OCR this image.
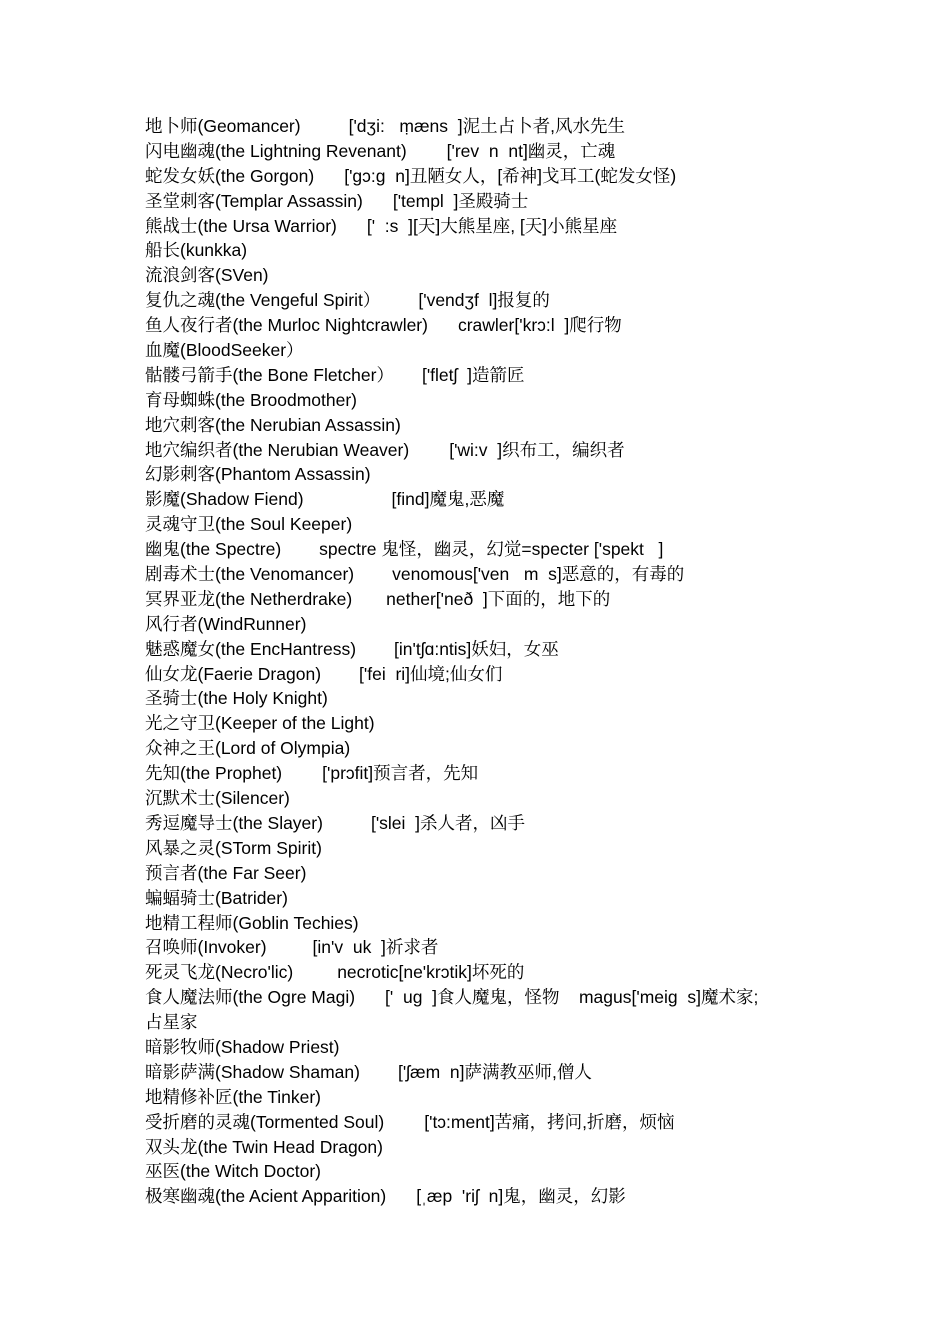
地卜师(Geomancer)	['dʒi:   ṃæns  ]泥土占卜者,风水先生
闪电幽魂(the Lightning Revenant) ['rev  n  nt]幽灵，亡魂
蛇发女妖(the Gorgon) ['gɔ:g  n]丑陋女人，[希神]戈耳工(蛇发女怪)
圣堂刺客(Templar Assassin) ['templ  ]圣殿骑士
熊战士(the Ursa Warrior) ['  :s  ][天]大熊星座, [天]小熊星座
船长(kunkka)
流浪剑客(SVen)
复仇之魂(the Vengeful Spirit） ['vendʒf  l]报复的
鱼人夜行者(the Murloc Nightcrawler) crawler['krɔ:l  ]爬行物
血魔(BloodSeeker）
骷髅弓箭手(the Bone Fletcher） ['fletʃ  ]造箭匠
育母蜘蛛(the Broodmother)
地穴刺客(the Nerubian Assassin)
地穴编织者(the Nerubian Weaver) ['wi:v  ]织布工，编织者
幻影刺客(Phantom Assassin)
影魔(Shadow Fiend)	[find]魔鬼,恶魔
灵魂守卫(the Soul Keeper)
幽鬼(the Spectre) spectre 鬼怪，幽灵，幻觉=specter ['spekt   ]
剧毒术士(the Venomancer) venomous['ven   m  s]恶意的，有毒的
冥界亚龙(the Netherdrake) nether['neð  ]下面的，地下的
风行者(WindRunner)
魅惑魔女(the EncHantress) [in'tʃɑ:ntis]妖妇，女巫
仙女龙(Faerie Dragon) ['fei  ri]仙境;仙女们
圣骑士(the Holy Knight)
光之守卫(Keeper of the Light)
众神之王(Lord of Olympia)
先知(the Prophet) ['prɔfit]预言者，先知
沉默术士(Silencer)
秀逗魔导士(the Slayer)	['slei  ]杀人者，凶手
风暴之灵(STorm Spirit)
预言者(the Far Seer)
蝙蝠骑士(Batrider)
地精工程师(Goblin Techies)
召唤师(Invoker)	[in'v  uk  ]祈求者
死灵飞龙(Necro'lic)	necrotic[ne'krɔtik]坏死的
食人魔法师(the Ogre Magi) ['  ug  ]食人魔鬼，怪物    magus['meig  s]魔术家;
占星家
暗影牧师(Shadow Priest)
暗影萨满(Shadow Shaman) ['ʃæm  n]萨满教巫师,僧人
地精修补匠(the Tinker)
受折磨的灵魂(Tormented Soul) ['tɔ:ment]苦痛，拷问,折磨，烦恼
双头龙(the Twin Head Dragon)
巫医(the Witch Doctor)
极寒幽魂(the Acient Apparition) [ˌæp  'riʃ  n]鬼，幽灵，幻影
